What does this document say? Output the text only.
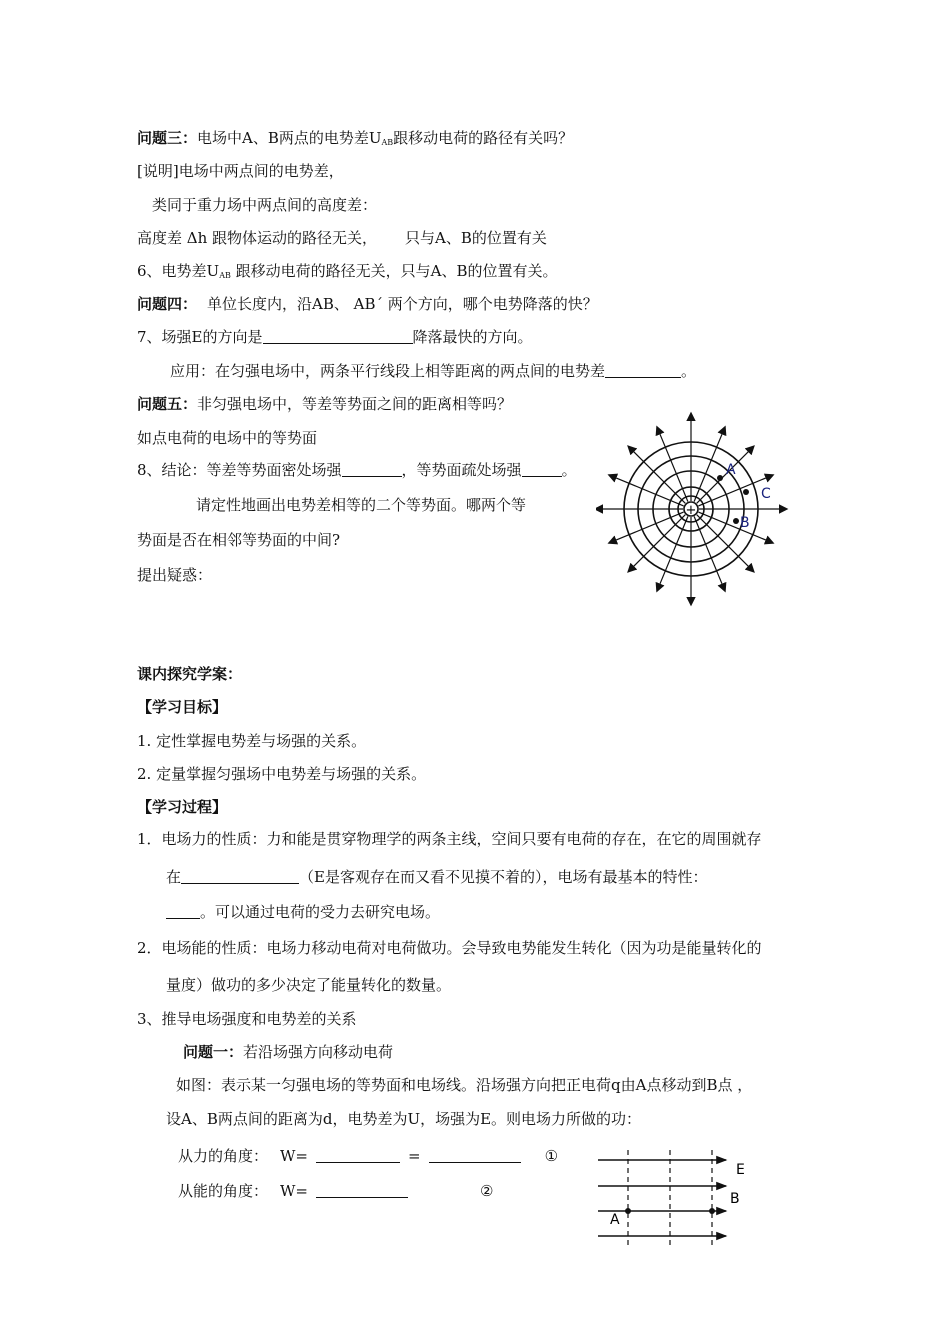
问题三：电场中A、B两点的电势差$U_{AB}$跟移动电荷的路径有关吗？
[说明]电场中两点间的电势差，
类同于重力场中两点间的高度差：
高度差 Δh 跟物体运动的路径无关， 只与A、B的位置有关
6、电势差$U_{AB}$ 跟移动电荷的路径无关，只与A、B的位置有关。
问题四： 单位长度内，沿AB、 AB´ 两个方向，哪个电势降落的快？
7、场强E的方向是	降落最快的方向。
应用：在匀强电场中，两条平行线段上相等距离的两点间的电势差	。
问题五：非匀强电场中，等差等势面之间的距离相等吗？
如点电荷的电场中的等势面
8、结论：等差等势面密处场强	，等势面疏处场强	。
请定性地画出电势差相等的二个等势面。哪两个等
势面是否在相邻等势面的中间?
提出疑惑：
+
A
C
B
课内探究学案：
【学习目标】
1. 定性掌握电势差与场强的关系。
2. 定量掌握匀强场中电势差与场强的关系。
【学习过程】
1．电场力的性质：力和能是贯穿物理学的两条主线，空间只要有电荷的存在，在它的周围就存
在	（E是客观存在而又看不见摸不着的），电场有最基本的特性：
。可以通过电荷的受力去研究电场。
2．电场能的性质：电场力移动电荷对电荷做功。会导致电势能发生转化（因为功是能量转化的
量度）做功的多少决定了能量转化的数量。
3、推导电场强度和电势差的关系
问题一：若沿场强方向移动电荷
如图：表示某一匀强电场的等势面和电场线。沿场强方向把正电荷q由A点移动到B点 ，
设A、B两点间的距离为d，电势差为U，场强为E。则电场力所做的功：
从力的角度： W=	=	①
从能的角度： W=	②
E
B
A
